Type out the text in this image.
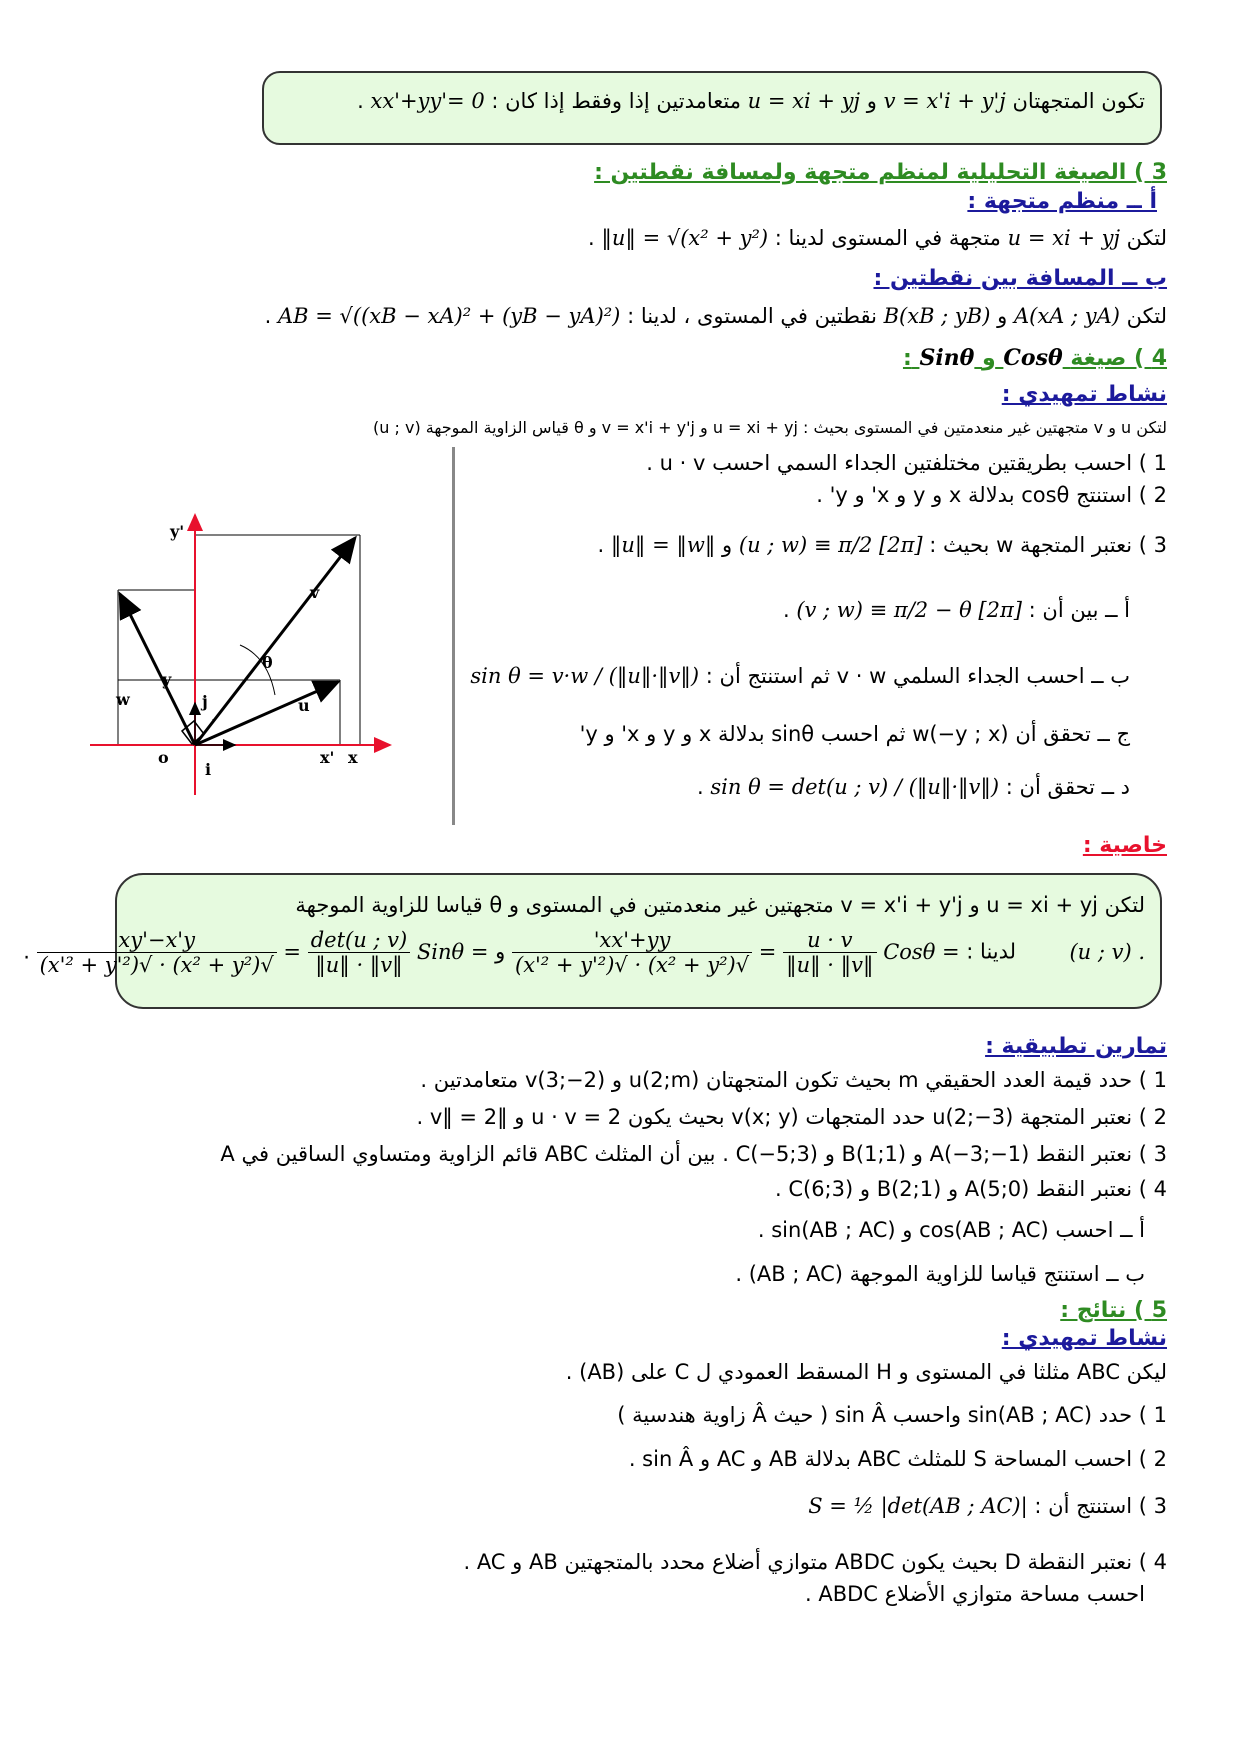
تكون المتجهتان v = x'i + y'j و u = xi + yj متعامدتين إذا وفقط إذا كان : xx'+yy'= 0 .
3 ) الصيغة التحليلية لمنظم متجهة ولمسافة نقطتين :
أ ــ منظم متجهة :
لتكن u = xi + yj متجهة في المستوى لدينا : ‖u‖ = √(x² + y²) .
ب ــ المسافة بين نقطتين :
لتكن A(xA ; yA) و B(xB ; yB) نقطتين في المستوى ، لدينا : AB = √((xB − xA)² + (yB − yA)²) .
4 ) صيغة Cosθ و Sinθ :
نشاط تمهيدي :
لتكن u و v متجهتين غير منعدمتين في المستوى بحيث : u = xi + yj و v = x'i + y'j و θ قياس الزاوية الموجهة (u ; v)
1 ) احسب بطريقتين مختلفتين الجداء السمي احسب u · v .
2 ) استنتج cosθ بدلالة x و y و x' و y' .
3 ) نعتبر المتجهة w بحيث : (u ; w) ≡ π/2 [2π] و ‖u‖ = ‖w‖ .
أ ــ بين أن : (v ; w) ≡ π/2 − θ [2π] .
ب ــ احسب الجداء السلمي v · w ثم استنتج أن : sin θ = v·w / (‖u‖·‖v‖)
ج ــ تحقق أن w(−y ; x) ثم احسب sinθ بدلالة x و y و x' و y'
د ــ تحقق أن : sin θ = det(u ; v) / (‖u‖·‖v‖) .
y'
v
θ
y
j
w	u
o
i
x' x
خاصية :
لتكن u = xi + yj و v = x'i + y'j متجهتين غير منعدمتين في المستوى و θ قياسا للزاوية الموجهة
(u ; v) .  لدينا : Cosθ =
$\frac{u \cdot v}{‖u‖ \cdot ‖v‖}$
=
$\frac{xx'+yy'}{\text{√(x² + y²) · √(x'² + y'²)}}$
و Sinθ =
$\frac{\det(u ; v)}{‖u‖ \cdot ‖v‖}$
=
$\frac{xy'-x'y}{\text{√(x² + y²) · √(x'² + y'²)}}$
.
تمارين تطبيقية :
1 ) حدد قيمة العدد الحقيقي m بحيث تكون المتجهتان u(2;m) و v(3;−2) متعامدتين .
2 ) نعتبر المتجهة u(2;−3) حدد المتجهات v(x; y) بحيث يكون u · v = 2 و ‖v‖ = 2 .
3 ) نعتبر النقط A(−3;−1) و B(1;1) و C(−5;3) . بين أن المثلث ABC قائم الزاوية ومتساوي الساقين في A
4 ) نعتبر النقط A(5;0) و B(2;1) و C(6;3) .
أ ــ احسب cos(AB ; AC) و sin(AB ; AC) .
ب ــ استنتج قياسا للزاوية الموجهة (AB ; AC) .
5 ) نتائج :
نشاط تمهيدي :
ليكن ABC مثلثا في المستوى و H المسقط العمودي ل C على (AB) .
1 ) حدد sin(AB ; AC) واحسب sin Â ( حيث Â زاوية هندسية )
2 ) احسب المساحة S للمثلث ABC بدلالة AB و AC و sin Â .
3 ) استنتج أن : S = ½ |det(AB ; AC)|
4 ) نعتبر النقطة D بحيث يكون ABDC متوازي أضلاع محدد بالمتجهتين AB و AC .
احسب مساحة متوازي الأضلاع ABDC .
